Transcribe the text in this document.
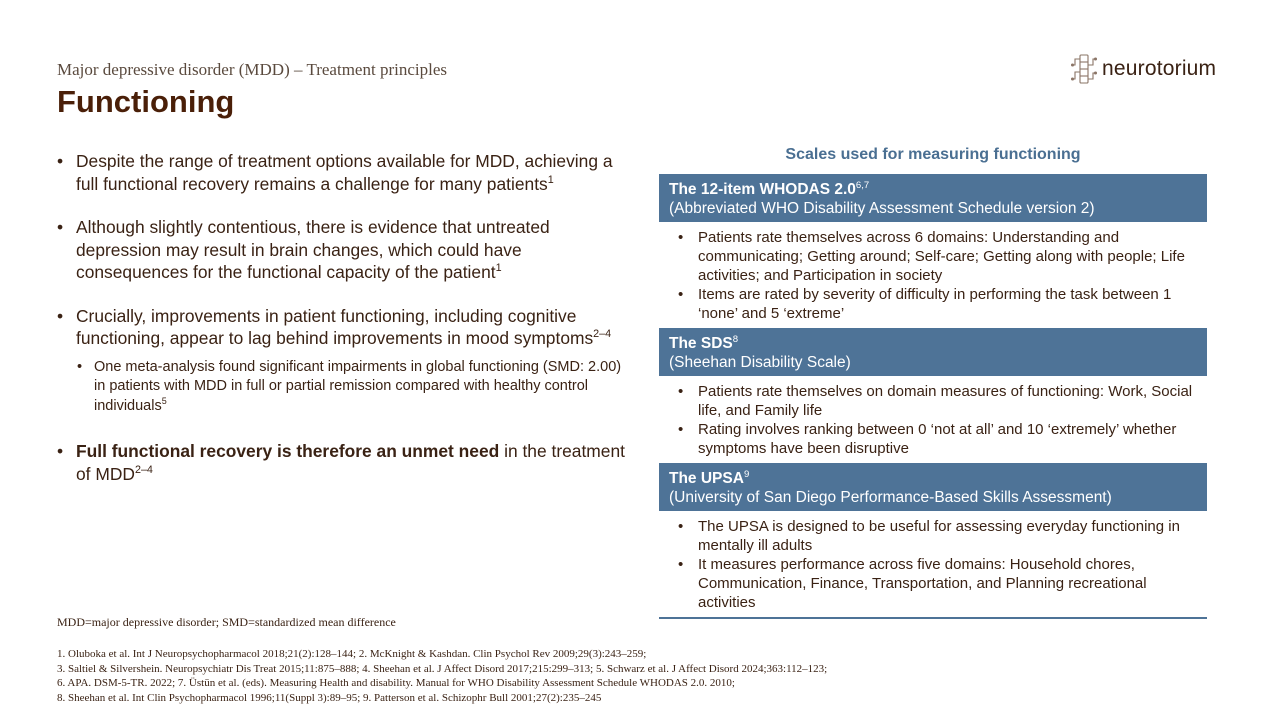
Major depressive disorder (MDD) – Treatment principles
Functioning
neurotorium
• Despite the range of treatment options available for MDD, achieving a full functional recovery remains a challenge for many patients$^1$
• Although slightly contentious, there is evidence that untreated depression may result in brain changes, which could have consequences for the functional capacity of the patient$^1$
• Crucially, improvements in patient functioning, including cognitive functioning, appear to lag behind improvements in mood symptoms$^{2-4}$
• One meta-analysis found significant impairments in global functioning (SMD: 2.00) in patients with MDD in full or partial remission compared with healthy control individuals$^5$
• Full functional recovery is therefore an unmet need in the treatment of MDD$^{2-4}$
Scales used for measuring functioning
The 12-item WHODAS 2.0$^{6,7}$
(Abbreviated WHO Disability Assessment Schedule version 2)
• Patients rate themselves across 6 domains: Understanding and communicating; Getting around; Self-care; Getting along with people; Life activities; and Participation in society
• Items are rated by severity of difficulty in performing the task between 1 ‘none’ and 5 ‘extreme’
The SDS$^8$
(Sheehan Disability Scale)
• Patients rate themselves on domain measures of functioning: Work, Social life, and Family life
• Rating involves ranking between 0 ‘not at all’ and 10 ‘extremely’ whether symptoms have been disruptive
The UPSA$^9$
(University of San Diego Performance-Based Skills Assessment)
• The UPSA is designed to be useful for assessing everyday functioning in mentally ill adults
• It measures performance across five domains: Household chores, Communication, Finance, Transportation, and Planning recreational activities
MDD=major depressive disorder; SMD=standardized mean difference
1. Oluboka et al. Int J Neuropsychopharmacol 2018;21(2):128–144; 2. McKnight & Kashdan. Clin Psychol Rev 2009;29(3):243–259;
3. Saltiel & Silvershein. Neuropsychiatr Dis Treat 2015;11:875–888; 4. Sheehan et al. J Affect Disord 2017;215:299–313; 5. Schwarz et al. J Affect Disord 2024;363:112–123;
6. APA. DSM-5-TR. 2022; 7. Üstün et al. (eds). Measuring Health and disability. Manual for WHO Disability Assessment Schedule WHODAS 2.0. 2010;
8. Sheehan et al. Int Clin Psychopharmacol 1996;11(Suppl 3):89–95; 9. Patterson et al. Schizophr Bull 2001;27(2):235–245
